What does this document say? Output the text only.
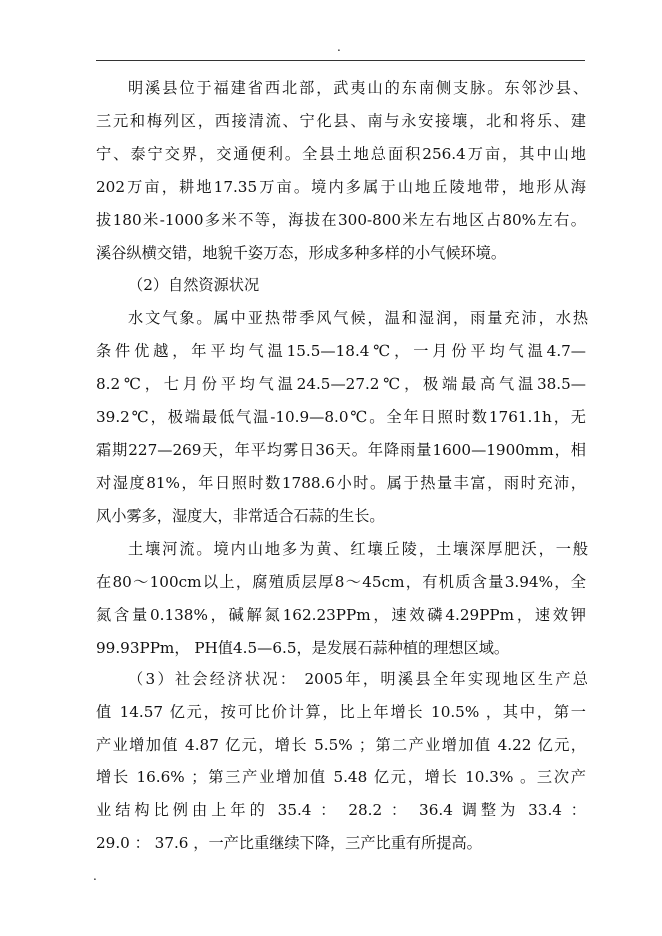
.
明溪县位于福建省西北部，武夷山的东南侧支脉。东邻沙县、
三元和梅列区，西接清流、宁化县、南与永安接壤，北和将乐、建
宁、泰宁交界，交通便利。全县土地总面积256.4万亩，其中山地
202万亩，耕地17.35万亩。境内多属于山地丘陵地带，地形从海
拔180米-1000多米不等，海拔在300-800米左右地区占80%左右。
溪谷纵横交错，地貌千姿万态，形成多种多样的小气候环境。
（2）自然资源状况
水文气象。属中亚热带季风气候，温和湿润，雨量充沛，水热
条件优越，年平均气温15.5—18.4℃，一月份平均气温4.7—
8.2℃，七月份平均气温24.5—27.2℃，极端最高气温38.5—
39.2℃，极端最低气温-10.9—8.0℃。全年日照时数1761.1h，无
霜期227—269天，年平均雾日36天。年降雨量1600—1900mm，相
对湿度81%，年日照时数1788.6小时。属于热量丰富，雨时充沛，
风小雾多，湿度大，非常适合石蒜的生长。
土壤河流。境内山地多为黄、红壤丘陵，土壤深厚肥沃，一般
在80～100cm以上，腐殖质层厚8～45cm，有机质含量3.94%，全
氮含量0.138%，碱解氮162.23PPm，速效磷4.29PPm，速效钾
99.93PPm， PH值4.5—6.5，是发展石蒜种植的理想区域。
（3）社会经济状况： 2005年，明溪县全年实现地区生产总
值 14.57 亿元，按可比价计算，比上年增长 10.5% ，其中，第一
产业增加值 4.87 亿元，增长 5.5% ；第二产业增加值 4.22 亿元，
增长 16.6% ；第三产业增加值 5.48 亿元，增长 10.3% 。三次产
业结构比例由上年的 35.4 ： 28.2 ： 36.4 调整为 33.4 ：
29.0 ： 37.6 ，一产比重继续下降，三产比重有所提高。
.
